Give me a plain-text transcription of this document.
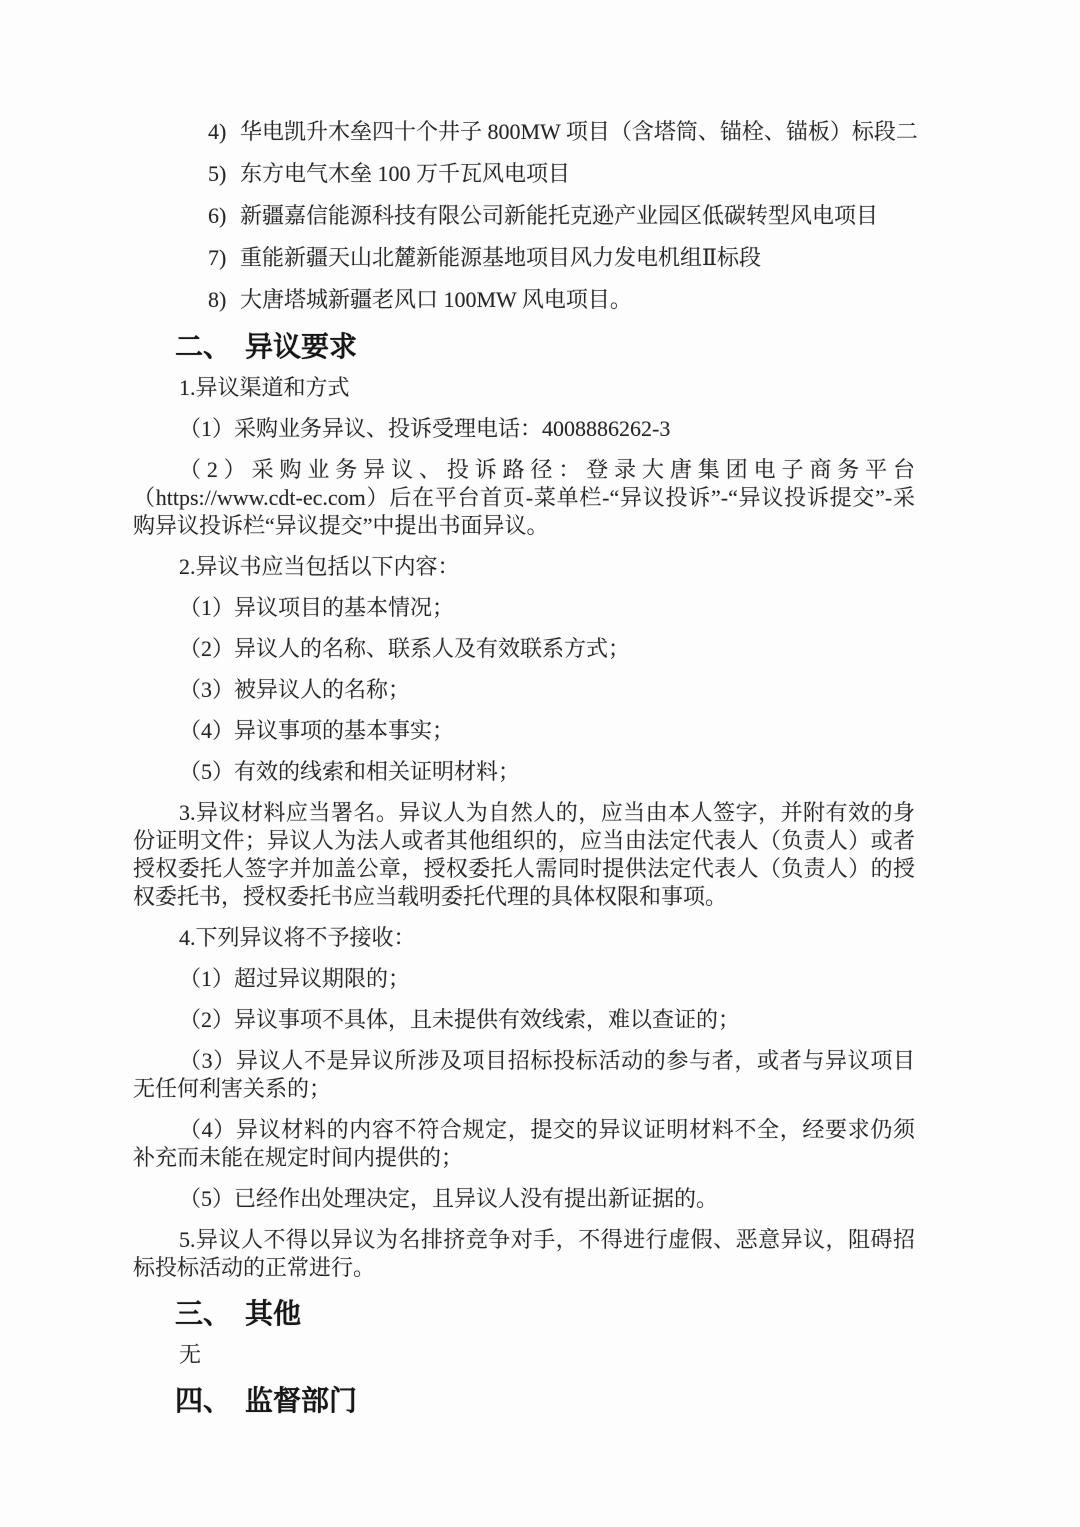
4) 华电凯升木垒四十个井子 800MW 项目（含塔筒、锚栓、锚板）标段二
5) 东方电气木垒 100 万千瓦风电项目
6) 新疆嘉信能源科技有限公司新能托克逊产业园区低碳转型风电项目
7) 重能新疆天山北麓新能源基地项目风力发电机组Ⅱ标段
8) 大唐塔城新疆老风口 100MW 风电项目。
二、 异议要求

1.异议渠道和方式

（1）采购业务异议、投诉受理电话：4008886262-3

（2）采购业务异议、投诉路径：登录大唐集团电子商务平台（https://www.cdt-ec.com）后在平台首页-菜单栏-“异议投诉”-“异议投诉提交”-采购异议投诉栏“异议提交”中提出书面异议。

2.异议书应当包括以下内容：

（1）异议项目的基本情况；

（2）异议人的名称、联系人及有效联系方式；

（3）被异议人的名称；

（4）异议事项的基本事实；

（5）有效的线索和相关证明材料；

3.异议材料应当署名。异议人为自然人的，应当由本人签字，并附有效的身份证明文件；异议人为法人或者其他组织的，应当由法定代表人（负责人）或者授权委托人签字并加盖公章，授权委托人需同时提供法定代表人（负责人）的授权委托书，授权委托书应当载明委托代理的具体权限和事项。

4.下列异议将不予接收：

（1）超过异议期限的；

（2）异议事项不具体，且未提供有效线索，难以查证的；

（3）异议人不是异议所涉及项目招标投标活动的参与者，或者与异议项目无任何利害关系的；

（4）异议材料的内容不符合规定，提交的异议证明材料不全，经要求仍须补充而未能在规定时间内提供的；

（5）已经作出处理决定，且异议人没有提出新证据的。

5.异议人不得以异议为名排挤竞争对手，不得进行虚假、恶意异议，阻碍招标投标活动的正常进行。

三、 其他

无

四、 监督部门
